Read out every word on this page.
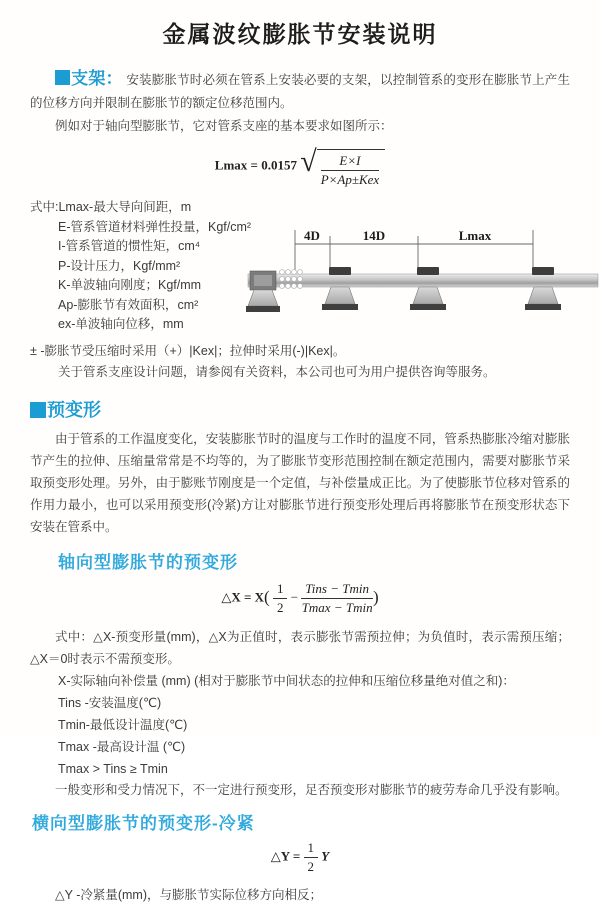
金属波纹膨胀节安装说明

支架： 安装膨胀节时必须在管系上安装必要的支架，以控制管系的变形在膨胀节上产生的位移方向并限制在膨胀节的额定位移范围内。

例如对于轴向型膨胀节，它对管系支座的基本要求如图所示：

Lmax = 0.0157 √ $\frac{E\times I}{\text{P×Ap±Kex}}$
式中:Lmax-最大导向间距，m
E-管系管道材料弹性投量，Kgf/cm²
I-管系管道的惯性矩，cm⁴
P-设计压力，Kgf/mm²
K-单波轴向刚度；Kgf/mm
Ap-膨胀节有效面积，cm²
ex-单波轴向位移，mm
4D	14D	Lmax
± -膨胀节受压缩时采用（+）|Kex|；拉伸时采用(-)|Kex|。
关于管系支座设计问题，请参阅有关资料，本公司也可为用户提供咨询等服务。
预变形

由于管系的工作温度变化，安装膨胀节时的温度与工作时的温度不同，管系热膨胀冷缩对膨胀节产生的拉伸、压缩量常常是不均等的，为了膨胀节变形范围控制在额定范围内，需要对膨胀节采取预变形处理。另外，由于膨账节刚度是一个定值，与补偿量成正比。为了使膨胀节位移对管系的作用力最小，也可以采用预变形(冷紧)方让对膨胀节进行预变形处理后再将膨胀节在预变形状态下安装在管系中。

轴向型膨胀节的预变形
△X = $X( \frac{1}{2} - \frac{\text{Tins − Tmin}}{Tmax - Tmin}$ )

式中：△X-预变形量(mm)，△X为正值时，表示膨张节需预拉伸；为负值时，表示需预压缩；△X＝0时表示不需预变形。

X-实际轴向补偿量 (mm) (相对于膨胀节中间状态的拉伸和压缩位移量绝对值之和)：
Tins -安装温度(℃)
Tmin-最低设计温度(℃)
Tmax -最高设计温 (℃)
Tmax > Tins ≥ Tmin
一般变形和受力情况下，不一定进行预变形，足否预变形对膨胀节的疲劳寿命几乎没有影响。
横向型膨胀节的预变形-冷紧
△Y = $\frac{1}{2}$ Y
△Y -冷紧量(mm)，与膨胀节实际位移方向相反；
